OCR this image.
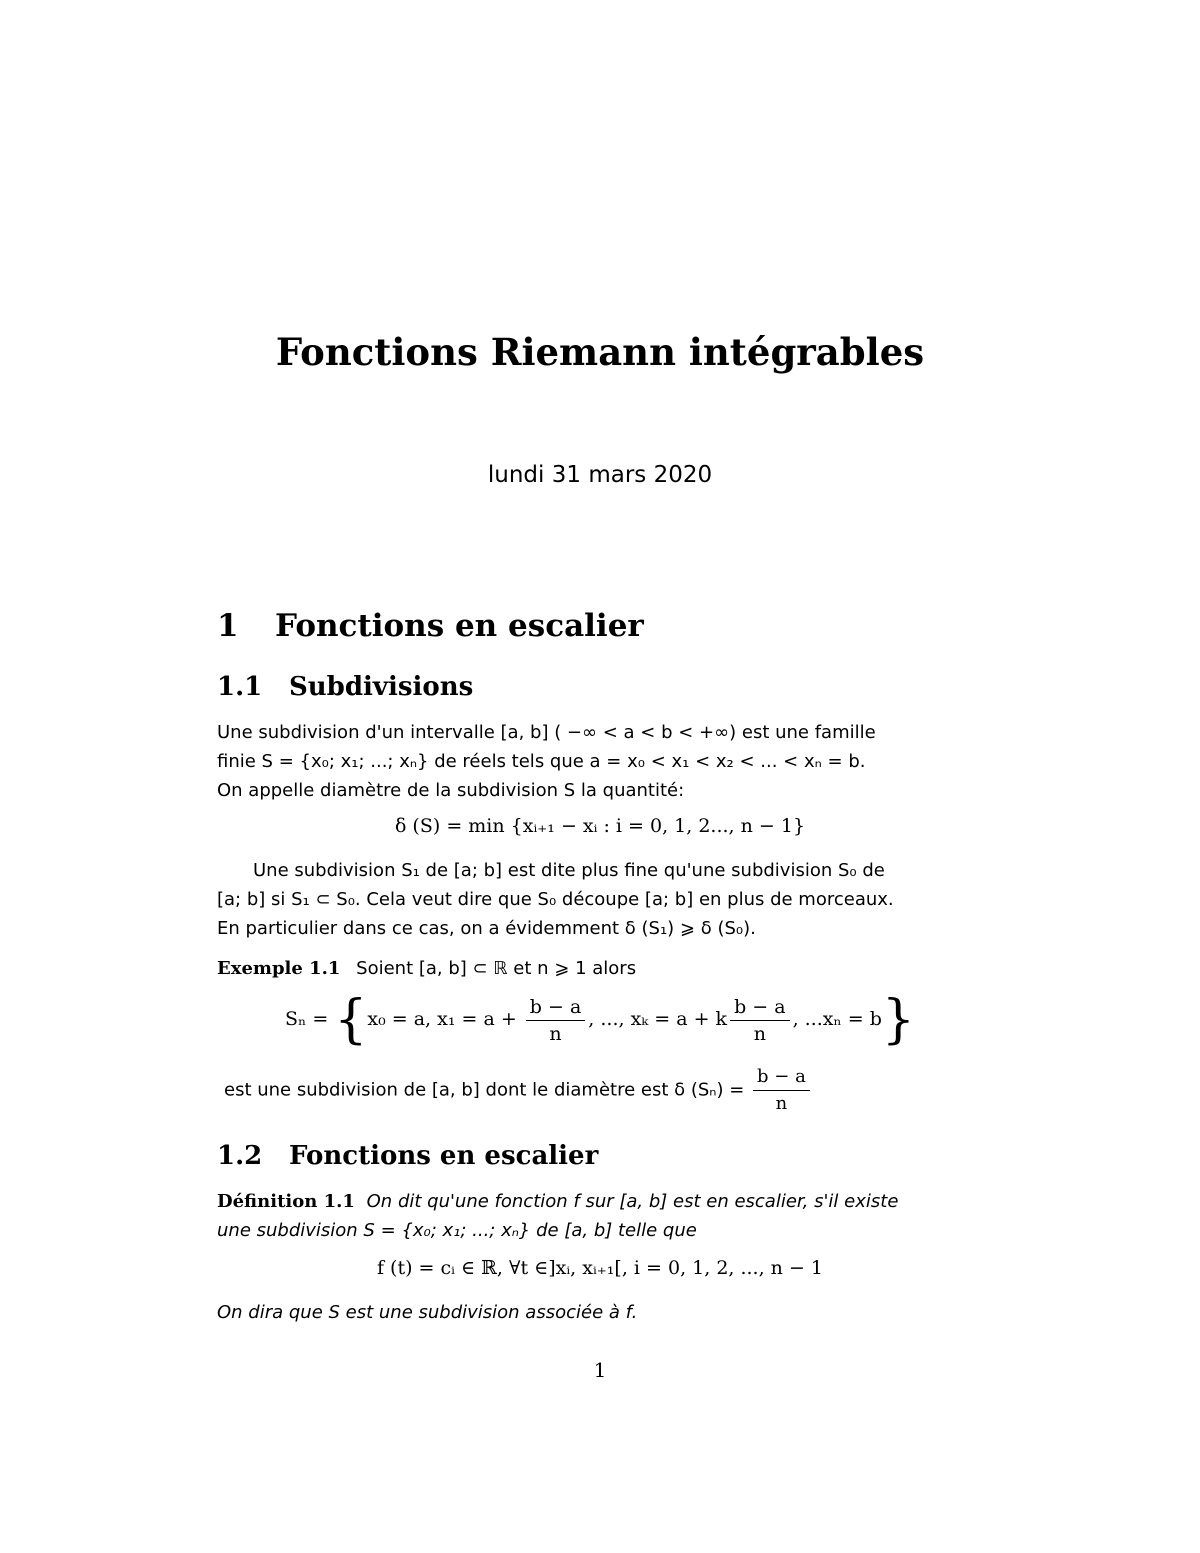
Fonctions Riemann intégrables
lundi 31 mars 2020
1 Fonctions en escalier
1.1 Subdivisions
Une subdivision d'un intervalle [a, b] ( −∞ < a < b < +∞) est une famille
finie S = {x₀; x₁; ...; xₙ} de réels tels que a = x₀ < x₁ < x₂ < ... < xₙ = b.
On appelle diamètre de la subdivision S la quantité:
δ (S) = min {xᵢ₊₁ − xᵢ : i = 0, 1, 2..., n − 1}
Une subdivision S₁ de [a; b] est dite plus fine qu'une subdivision S₀ de
[a; b] si S₁ ⊂ S₀. Cela veut dire que S₀ découpe [a; b] en plus de morceaux.
En particulier dans ce cas, on a évidemment δ (S₁) ⩾ δ (S₀).
Exemple 1.1 Soient [a, b] ⊂ ℝ et n ⩾ 1 alors
Sₙ = {x₀ = a, $x_1 = a + \frac{b - a}{n}$ , ..., xₖ = a + k $\frac{b - a}{n}$ , ...xₙ = b}
est une subdivision de [a, b] dont le diamètre est δ $(S_n) = \frac{b - a}{n}$
1.2 Fonctions en escalier
Définition 1.1 On dit qu'une fonction f sur [a, b] est en escalier, s'il existe
une subdivision S = {x₀; x₁; ...; xₙ} de [a, b] telle que
f (t) = cᵢ ∈ ℝ, ∀t ∈]xᵢ, xᵢ₊₁[, i = 0, 1, 2, ..., n − 1
On dira que S est une subdivision associée à f.
1
